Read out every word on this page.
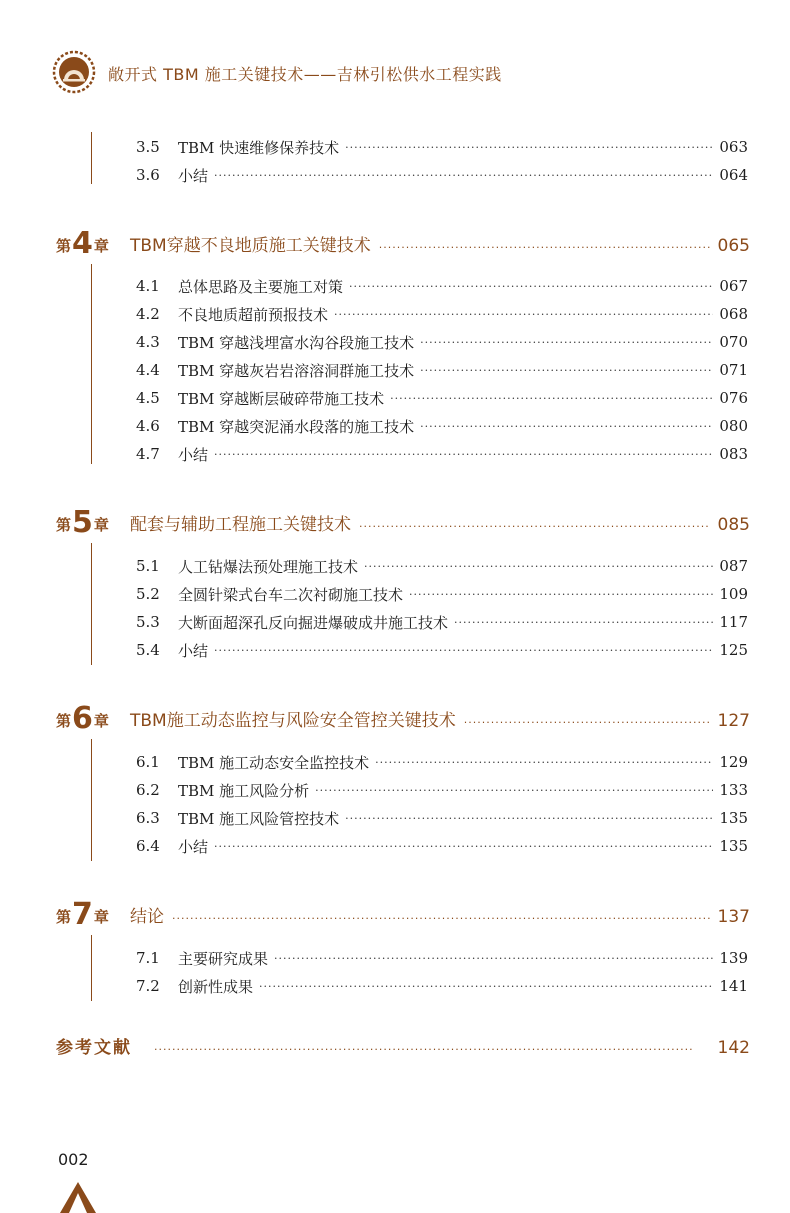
敞开式 TBM 施工关键技术——吉林引松供水工程实践
3.5	TBM 快速维修保养技术 ·····	063
3.6	小结 ·····	064
第 4 章 TBM穿越不良地质施工关键技术 ·····	065
4.1	总体思路及主要施工对策 ·····	067
4.2	不良地质超前预报技术 ·····	068
4.3	TBM 穿越浅埋富水沟谷段施工技术 ·····	070
4.4	TBM 穿越灰岩岩溶溶洞群施工技术 ·····	071
4.5	TBM 穿越断层破碎带施工技术 ·····	076
4.6	TBM 穿越突泥涌水段落的施工技术 ·····	080
4.7	小结 ·····	083
第 5 章 配套与辅助工程施工关键技术 ·····	085
5.1	人工钻爆法预处理施工技术 ·····	087
5.2	全圆针梁式台车二次衬砌施工技术 ·····	109
5.3	大断面超深孔反向掘进爆破成井施工技术 ·····	117
5.4	小结 ·····	125
第 6 章 TBM施工动态监控与风险安全管控关键技术 ·····	127
6.1	TBM 施工动态安全监控技术 ·····	129
6.2	TBM 施工风险分析 ·····	133
6.3	TBM 施工风险管控技术 ·····	135
6.4	小结 ·····	135
第 7 章 结论 ·····	137
7.1	主要研究成果 ·····	139
7.2	创新性成果 ·····	141
参考文献 ·····	142
002
